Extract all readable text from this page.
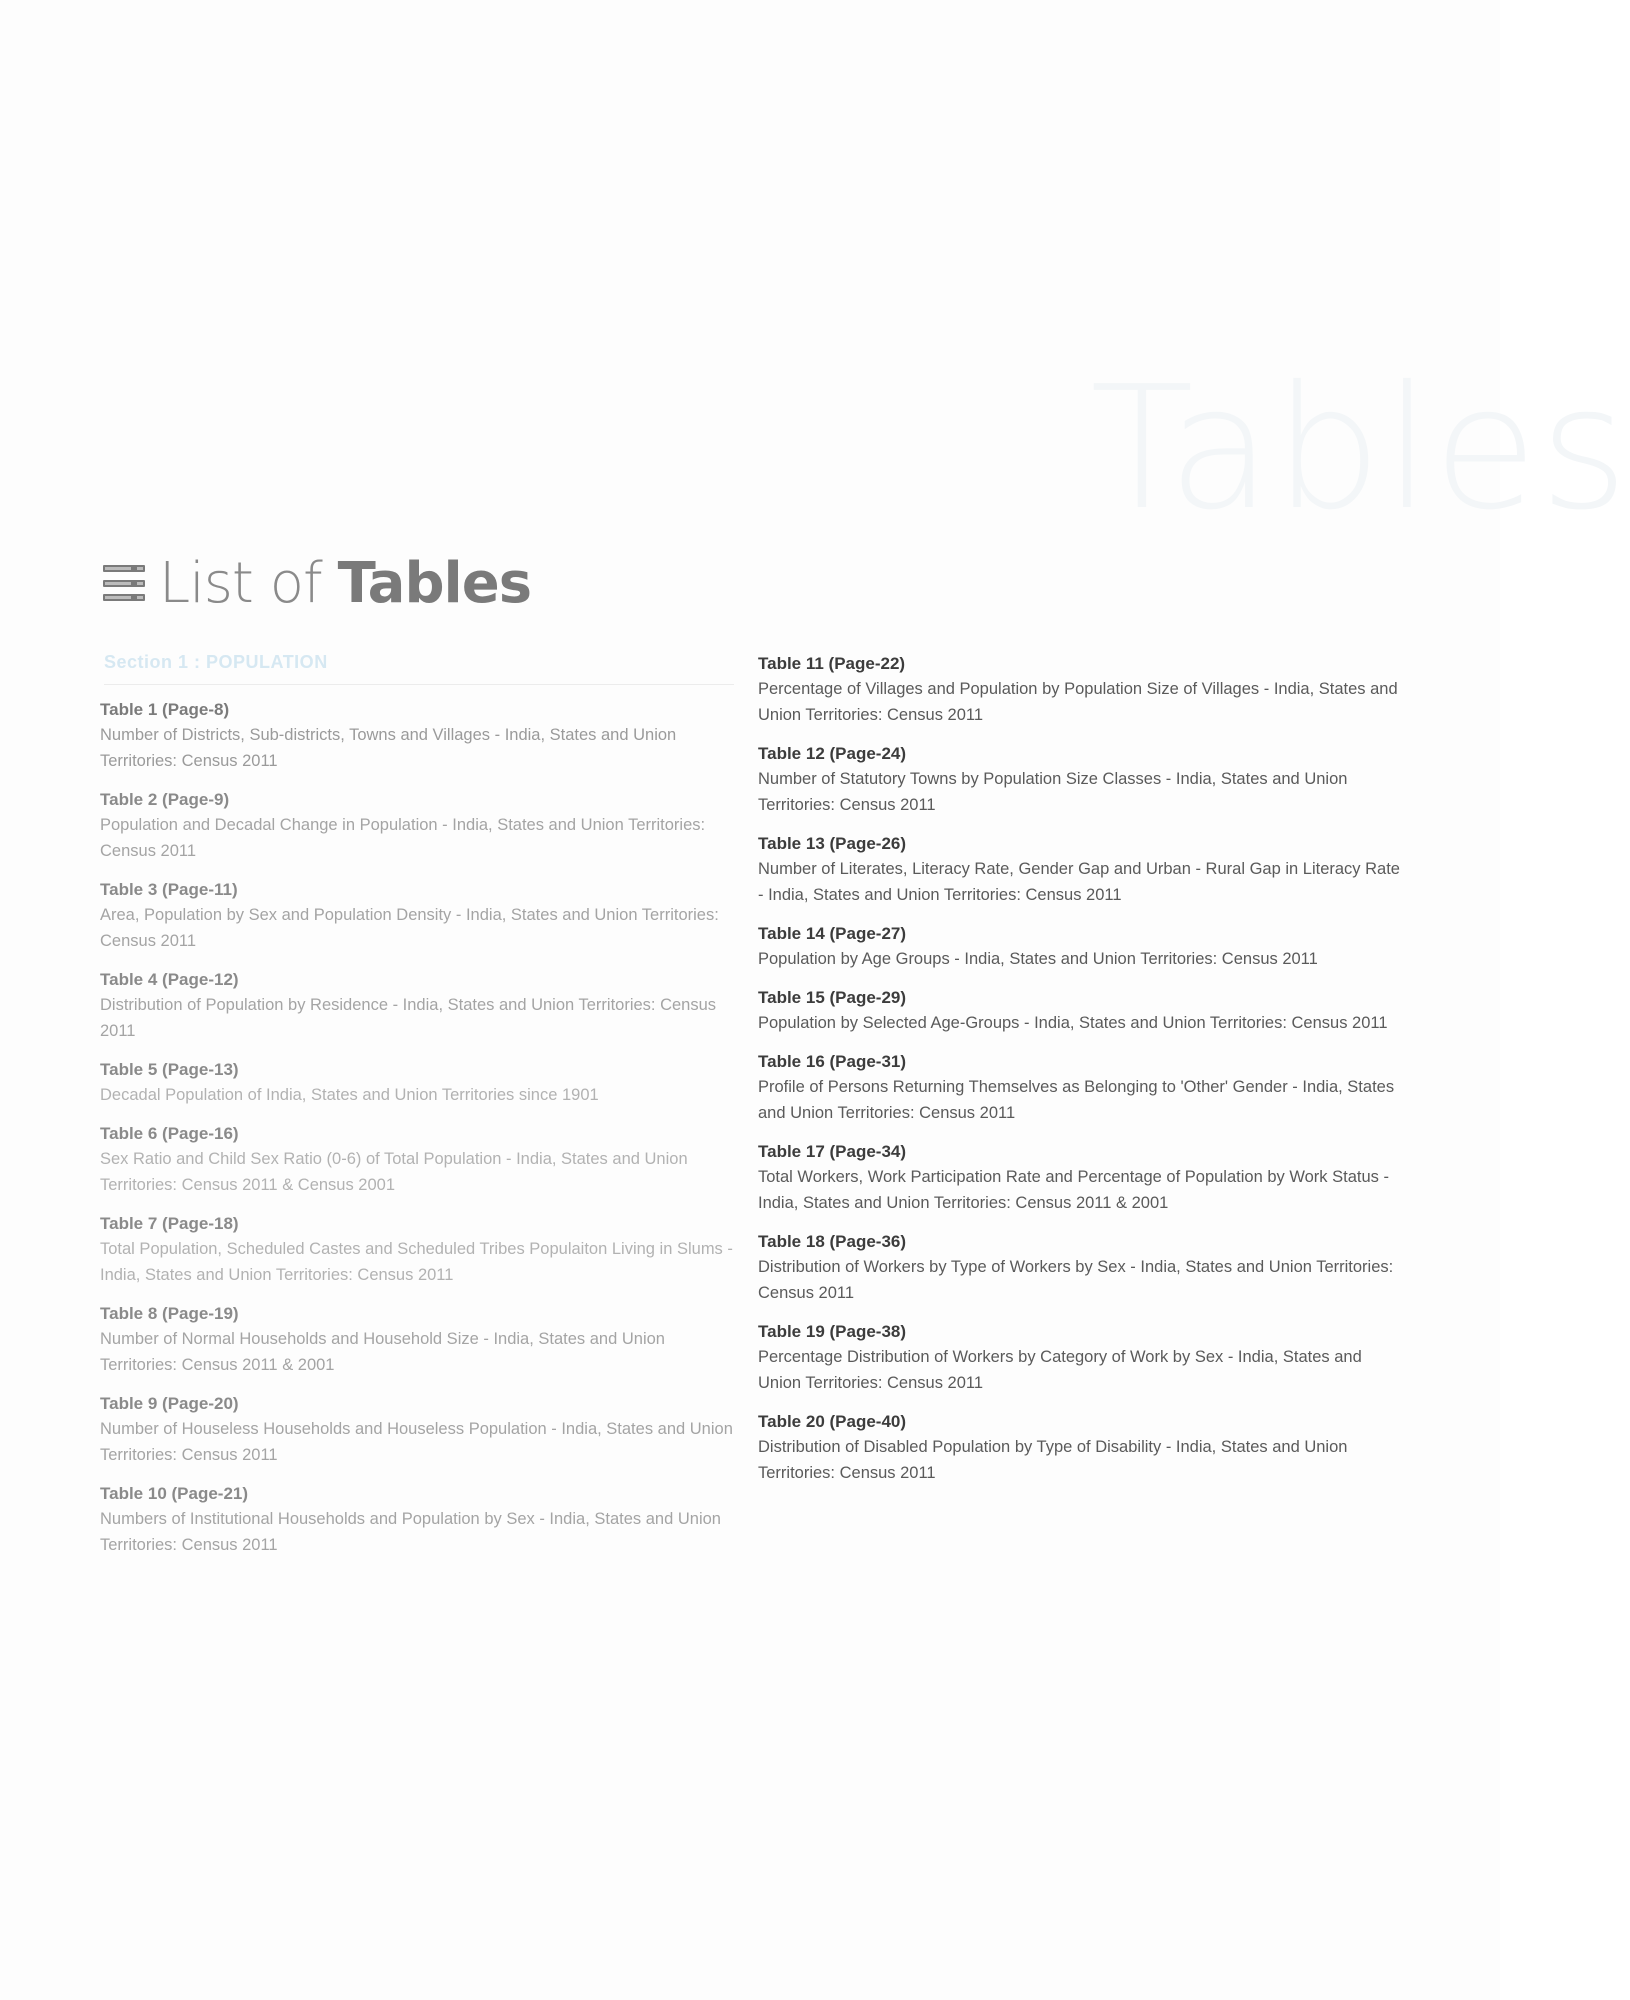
Tables
List of Tables
Section 1 : POPULATION
Table 1 (Page-8)
Number of Districts, Sub-districts, Towns and Villages - India, States and Union Territories: Census 2011
Table 2 (Page-9)
Population and Decadal Change in Population - India, States and Union Territories: Census 2011
Table 3 (Page-11)
Area, Population by Sex and Population Density - India, States and Union Territories: Census 2011
Table 4 (Page-12)
Distribution of Population by Residence - India, States and Union Territories: Census 2011
Table 5 (Page-13)
Decadal Population of India, States and Union Territories since 1901
Table 6 (Page-16)
Sex Ratio and Child Sex Ratio (0-6) of Total Population - India, States and Union Territories: Census 2011 & Census 2001
Table 7 (Page-18)
Total Population, Scheduled Castes and Scheduled Tribes Populaiton Living in Slums - India, States and Union Territories: Census 2011
Table 8 (Page-19)
Number of Normal Households and Household Size - India, States and Union Territories: Census 2011 & 2001
Table 9 (Page-20)
Number of Houseless Households and Houseless Population - India, States and Union Territories: Census 2011
Table 10 (Page-21)
Numbers of Institutional Households and Population by Sex - India, States and Union Territories: Census 2011
Table 11 (Page-22)
Percentage of Villages and Population by Population Size of Villages - India, States and Union Territories: Census 2011
Table 12 (Page-24)
Number of Statutory Towns by Population Size Classes - India, States and Union Territories: Census 2011
Table 13 (Page-26)
Number of Literates, Literacy Rate, Gender Gap and Urban - Rural Gap in Literacy Rate - India, States and Union Territories: Census 2011
Table 14 (Page-27)
Population by Age Groups - India, States and Union Territories: Census 2011
Table 15 (Page-29)
Population by Selected Age-Groups - India, States and Union Territories: Census 2011
Table 16 (Page-31)
Profile of Persons Returning Themselves as Belonging to 'Other' Gender - India, States and Union Territories: Census 2011
Table 17 (Page-34)
Total Workers, Work Participation Rate and Percentage of Population by Work Status - India, States and Union Territories: Census 2011 & 2001
Table 18 (Page-36)
Distribution of Workers by Type of Workers by Sex - India, States and Union Territories: Census 2011
Table 19 (Page-38)
Percentage Distribution of Workers by Category of Work by Sex - India, States and Union Territories: Census 2011
Table 20 (Page-40)
Distribution of Disabled Population by Type of Disability - India, States and Union Territories: Census 2011
